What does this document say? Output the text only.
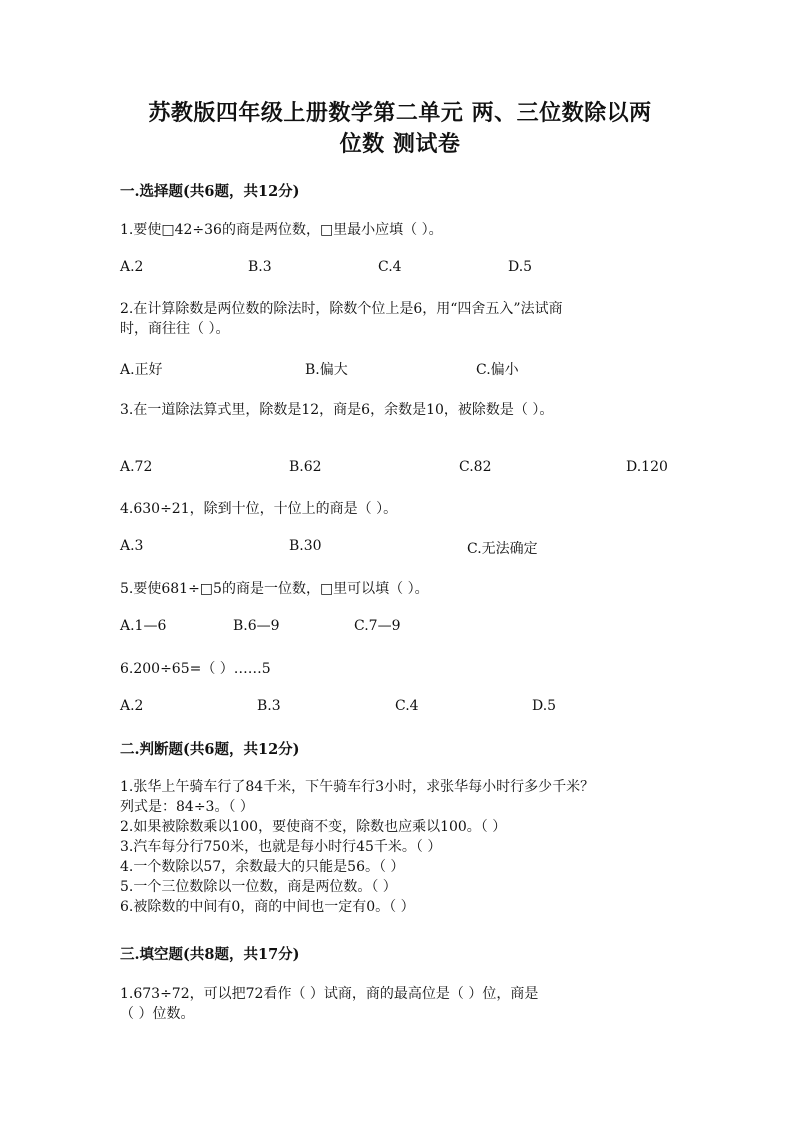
苏教版四年级上册数学第二单元 两、三位数除以两
位数 测试卷
一.选择题(共6题，共12分)
1.要使□42÷36的商是两位数，□里最小应填（ ）。
A.2	B.3	C.4	D.5
2.在计算除数是两位数的除法时，除数个位上是6，用“四舍五入”法试商
时，商往往（ ）。
A.正好	B.偏大	C.偏小
3.在一道除法算式里，除数是12，商是6，余数是10，被除数是（ ）。
A.72	B.62	C.82	D.120
4.630÷21，除到十位，十位上的商是（ ）。
A.3	B.30	C.无法确定
5.要使681÷□5的商是一位数，□里可以填（ ）。
A.1—6	B.6—9	C.7—9
6.200÷65=（ ）……5
A.2	B.3	C.4	D.5
二.判断题(共6题，共12分)
1.张华上午骑车行了84千米，下午骑车行3小时，求张华每小时行多少千米？
列式是：84÷3。（ ）
2.如果被除数乘以100，要使商不变，除数也应乘以100。（ ）
3.汽车每分行750米，也就是每小时行45千米。（ ）
4.一个数除以57，余数最大的只能是56。（ ）
5.一个三位数除以一位数，商是两位数。（ ）
6.被除数的中间有0，商的中间也一定有0。（ ）
三.填空题(共8题，共17分)
1.673÷72，可以把72看作（ ）试商，商的最高位是（ ）位，商是
（ ）位数。
